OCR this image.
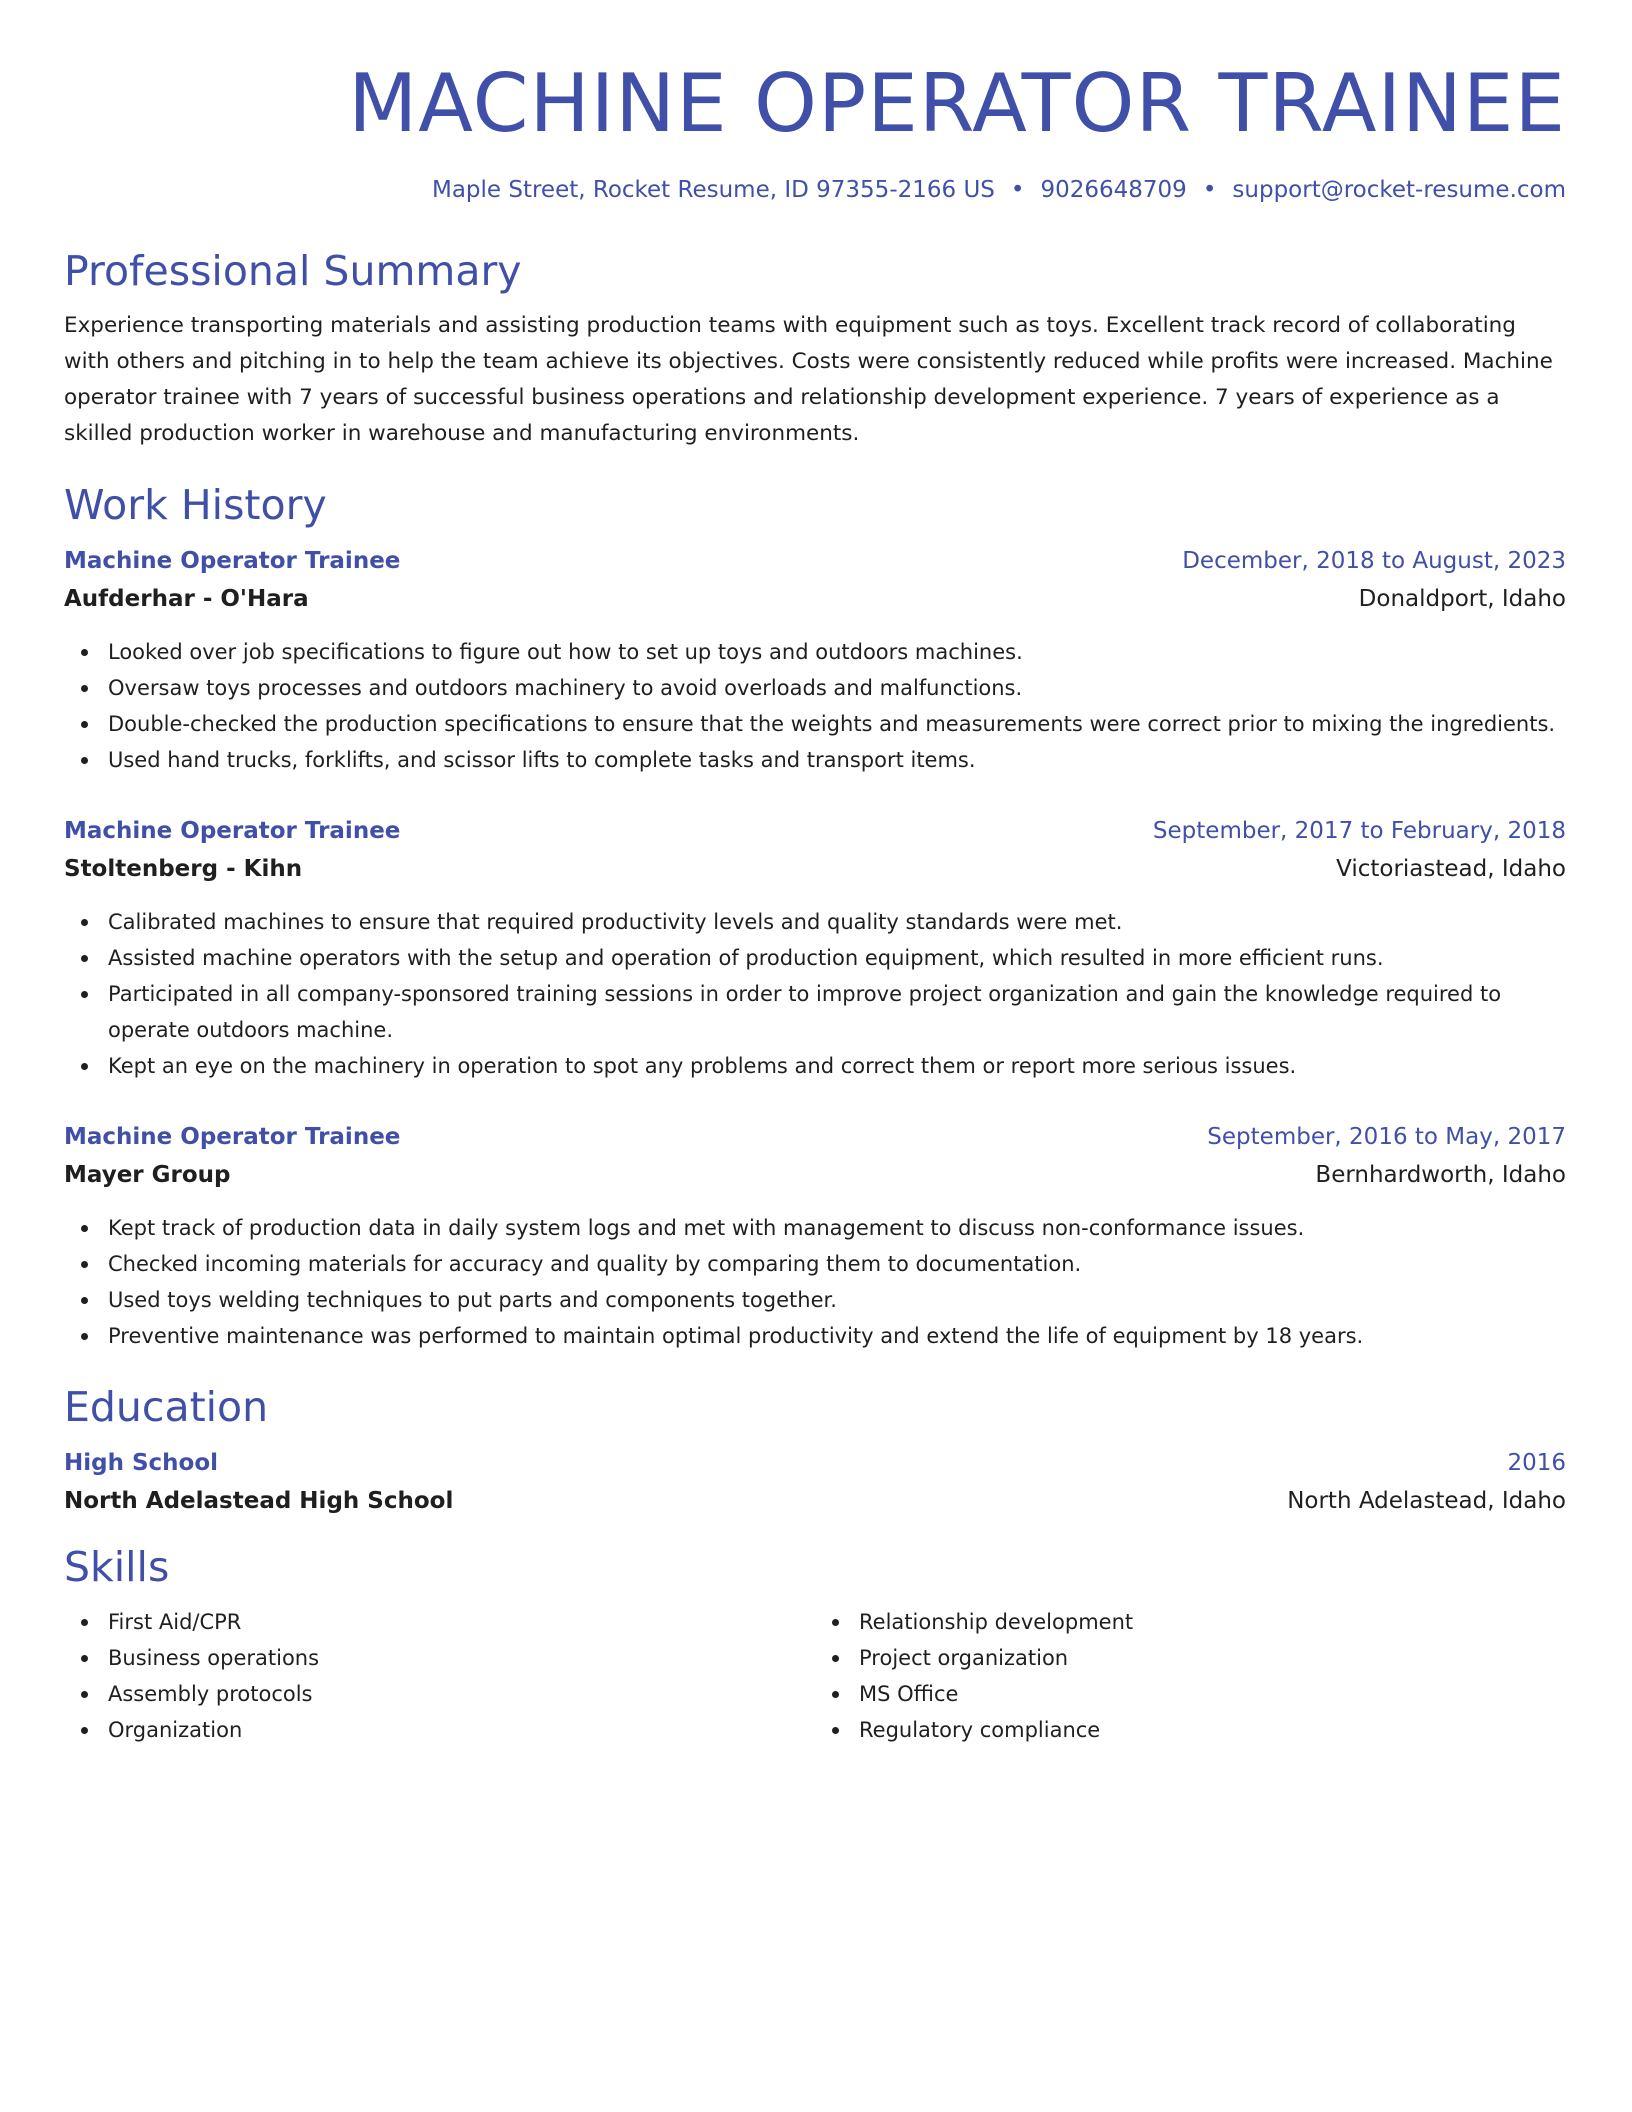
MACHINE OPERATOR TRAINEE
Maple Street, Rocket Resume, ID 97355-2166 US • 9026648709 • support@rocket-resume.com
Professional Summary

Experience transporting materials and assisting production teams with equipment such as toys. Excellent track record of collaborating with others and pitching in to help the team achieve its objectives. Costs were consistently reduced while profits were increased. Machine operator trainee with 7 years of successful business operations and relationship development experience. 7 years of experience as a skilled production worker in warehouse and manufacturing environments.

Work History
Machine Operator Trainee	December, 2018 to August, 2023
Aufderhar - O'Hara	Donaldport, Idaho
Looked over job specifications to figure out how to set up toys and outdoors machines.
Oversaw toys processes and outdoors machinery to avoid overloads and malfunctions.
Double-checked the production specifications to ensure that the weights and measurements were correct prior to mixing the ingredients.
Used hand trucks, forklifts, and scissor lifts to complete tasks and transport items.
Machine Operator Trainee	September, 2017 to February, 2018
Stoltenberg - Kihn	Victoriastead, Idaho
Calibrated machines to ensure that required productivity levels and quality standards were met.
Assisted machine operators with the setup and operation of production equipment, which resulted in more efficient runs.
Participated in all company-sponsored training sessions in order to improve project organization and gain the knowledge required to operate outdoors machine.
Kept an eye on the machinery in operation to spot any problems and correct them or report more serious issues.
Machine Operator Trainee	September, 2016 to May, 2017
Mayer Group	Bernhardworth, Idaho
Kept track of production data in daily system logs and met with management to discuss non-conformance issues.
Checked incoming materials for accuracy and quality by comparing them to documentation.
Used toys welding techniques to put parts and components together.
Preventive maintenance was performed to maintain optimal productivity and extend the life of equipment by 18 years.
Education
High School	2016
North Adelastead High School	North Adelastead, Idaho
Skills
First Aid/CPR
Business operations
Assembly protocols
Organization
Relationship development
Project organization
MS Office
Regulatory compliance
